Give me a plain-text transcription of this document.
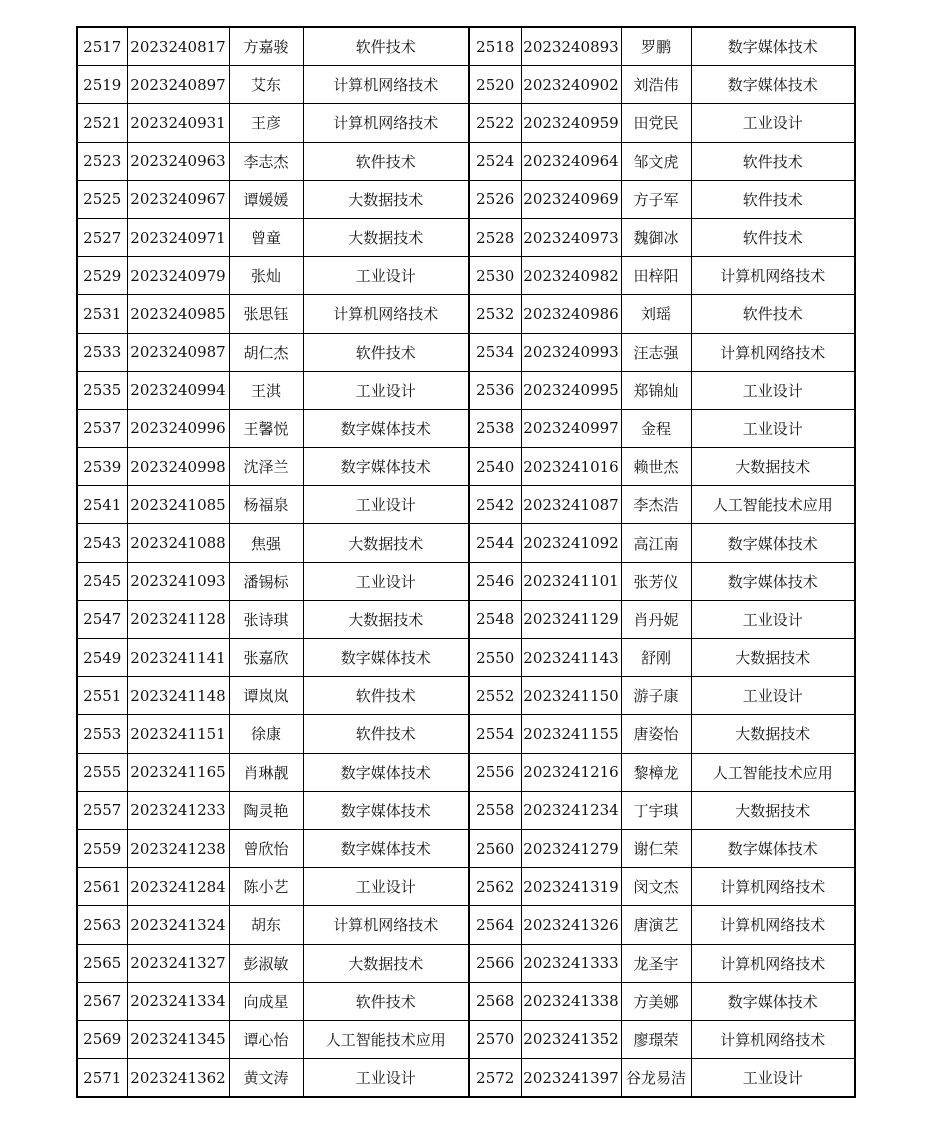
2517	2023240817	方嘉骏	软件技术	2518	2023240893	罗鹏	数字媒体技术
2519	2023240897	艾东	计算机网络技术	2520	2023240902	刘浩伟	数字媒体技术
2521	2023240931	王彦	计算机网络技术	2522	2023240959	田党民	工业设计
2523	2023240963	李志杰	软件技术	2524	2023240964	邹文虎	软件技术
2525	2023240967	谭媛媛	大数据技术	2526	2023240969	方子军	软件技术
2527	2023240971	曾童	大数据技术	2528	2023240973	魏御冰	软件技术
2529	2023240979	张灿	工业设计	2530	2023240982	田梓阳	计算机网络技术
2531	2023240985	张思钰	计算机网络技术	2532	2023240986	刘瑶	软件技术
2533	2023240987	胡仁杰	软件技术	2534	2023240993	汪志强	计算机网络技术
2535	2023240994	王淇	工业设计	2536	2023240995	郑锦灿	工业设计
2537	2023240996	王馨悦	数字媒体技术	2538	2023240997	金程	工业设计
2539	2023240998	沈泽兰	数字媒体技术	2540	2023241016	赖世杰	大数据技术
2541	2023241085	杨福泉	工业设计	2542	2023241087	李杰浩	人工智能技术应用
2543	2023241088	焦强	大数据技术	2544	2023241092	高江南	数字媒体技术
2545	2023241093	潘锡标	工业设计	2546	2023241101	张芳仪	数字媒体技术
2547	2023241128	张诗琪	大数据技术	2548	2023241129	肖丹妮	工业设计
2549	2023241141	张嘉欣	数字媒体技术	2550	2023241143	舒刚	大数据技术
2551	2023241148	谭岚岚	软件技术	2552	2023241150	游子康	工业设计
2553	2023241151	徐康	软件技术	2554	2023241155	唐姿怡	大数据技术
2555	2023241165	肖琳靓	数字媒体技术	2556	2023241216	黎樟龙	人工智能技术应用
2557	2023241233	陶灵艳	数字媒体技术	2558	2023241234	丁宇琪	大数据技术
2559	2023241238	曾欣怡	数字媒体技术	2560	2023241279	谢仁荣	数字媒体技术
2561	2023241284	陈小艺	工业设计	2562	2023241319	闵文杰	计算机网络技术
2563	2023241324	胡东	计算机网络技术	2564	2023241326	唐演艺	计算机网络技术
2565	2023241327	彭淑敏	大数据技术	2566	2023241333	龙圣宇	计算机网络技术
2567	2023241334	向成星	软件技术	2568	2023241338	方美娜	数字媒体技术
2569	2023241345	谭心怡	人工智能技术应用	2570	2023241352	廖璟荣	计算机网络技术
2571	2023241362	黄文涛	工业设计	2572	2023241397	谷龙易洁	工业设计
